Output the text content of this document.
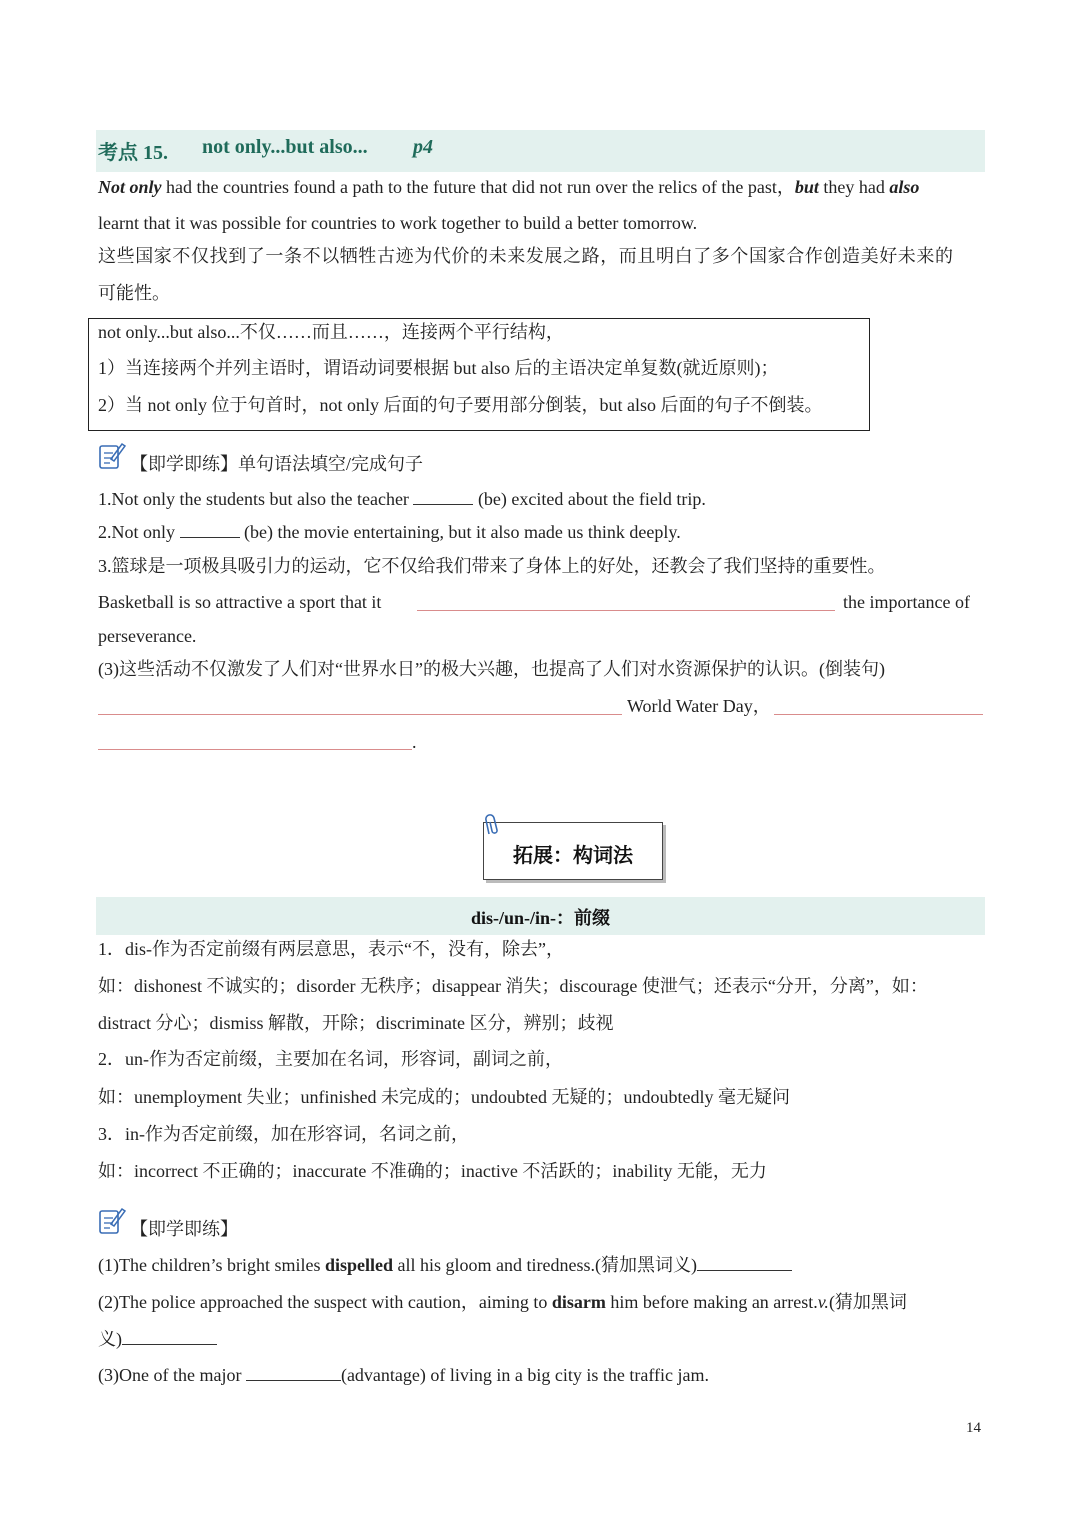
考点 15. not only...but also... p4
Not only had the countries found a path to the future that did not run over the relics of the past，but they had also
learnt that it was possible for countries to work together to build a better tomorrow.
这些国家不仅找到了一条不以牺牲古迹为代价的未来发展之路，而且明白了多个国家合作创造美好未来的
可能性。
not only...but also...不仅……而且……，连接两个平行结构，
1）当连接两个并列主语时，谓语动词要根据 but also 后的主语决定单复数(就近原则)；
2）当 not only 位于句首时，not only 后面的句子要用部分倒装，but also 后面的句子不倒装。
【即学即练】单句语法填空/完成句子
1.Not only the students but also the teacher	(be) excited about the field trip.
2.Not only	(be) the movie entertaining, but it also made us think deeply.
3.篮球是一项极具吸引力的运动，它不仅给我们带来了身体上的好处，还教会了我们坚持的重要性。
Basketball is so attractive a sport that it	the importance of
perseverance.
(3)这些活动不仅激发了人们对“世界水日”的极大兴趣，也提高了人们对水资源保护的认识。(倒装句)
World Water Day，
.
拓展：构词法
dis-/un-/in-：前缀
1．dis-作为否定前缀有两层意思，表示“不，没有，除去”，
如：dishonest 不诚实的；disorder 无秩序；disappear 消失；discourage 使泄气；还表示“分开，分离”，如：
distract 分心；dismiss 解散，开除；discriminate 区分，辨别；歧视
2．un-作为否定前缀，主要加在名词，形容词，副词之前，
如：unemployment 失业；unfinished 未完成的；undoubted 无疑的；undoubtedly 毫无疑问
3．in-作为否定前缀，加在形容词，名词之前，
如：incorrect 不正确的；inaccurate 不准确的；inactive 不活跃的；inability 无能，无力
【即学即练】
(1)The children’s bright smiles dispelled all his gloom and tiredness.(猜加黑词义)
(2)The police approached the suspect with caution，aiming to disarm him before making an arrest.v.(猜加黑词
义)
(3)One of the major	(advantage) of living in a big city is the traffic jam.
14
